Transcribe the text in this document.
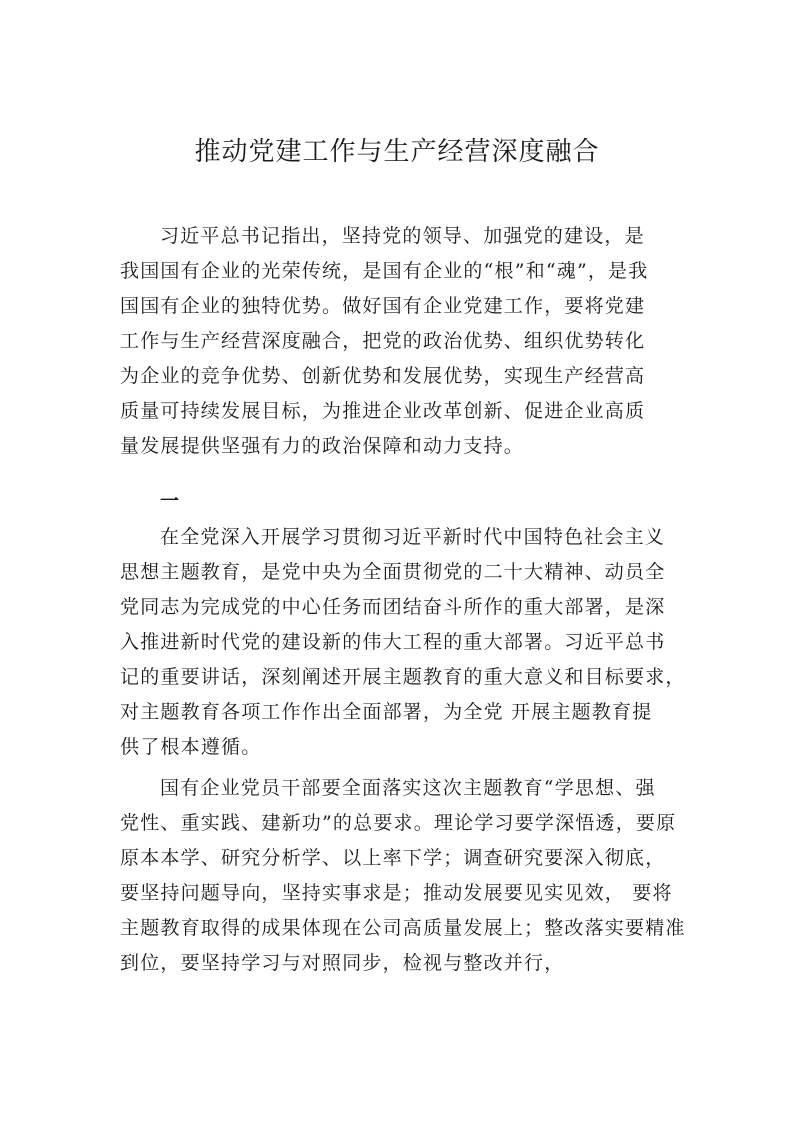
推动党建工作与生产经营深度融合
习近平总书记指出，坚持党的领导、加强党的建设，是
我国国有企业的光荣传统，是国有企业的“根”和“魂”，是我
国国有企业的独特优势。做好国有企业党建工作，要将党建
工作与生产经营深度融合，把党的政治优势、组织优势转化
为企业的竞争优势、创新优势和发展优势，实现生产经营高
质量可持续发展目标，为推进企业改革创新、促进企业高质
量发展提供坚强有力的政治保障和动力支持。
一
在全党深入开展学习贯彻习近平新时代中国特色社会主义
思想主题教育，是党中央为全面贯彻党的二十大精神、动员全
党同志为完成党的中心任务而团结奋斗所作的重大部署，是深
入推进新时代党的建设新的伟大工程的重大部署。习近平总书
记的重要讲话，深刻阐述开展主题教育的重大意义和目标要求，
对主题教育各项工作作出全面部署，为全党 开展主题教育提
供了根本遵循。
国有企业党员干部要全面落实这次主题教育“学思想、强
党性、重实践、建新功”的总要求。理论学习要学深悟透，要原
原本本学、研究分析学、以上率下学；调查研究要深入彻底，
要坚持问题导向，坚持实事求是；推动发展要见实见效， 要将
主题教育取得的成果体现在公司高质量发展上；整改落实要精准
到位，要坚持学习与对照同步，检视与整改并行，
